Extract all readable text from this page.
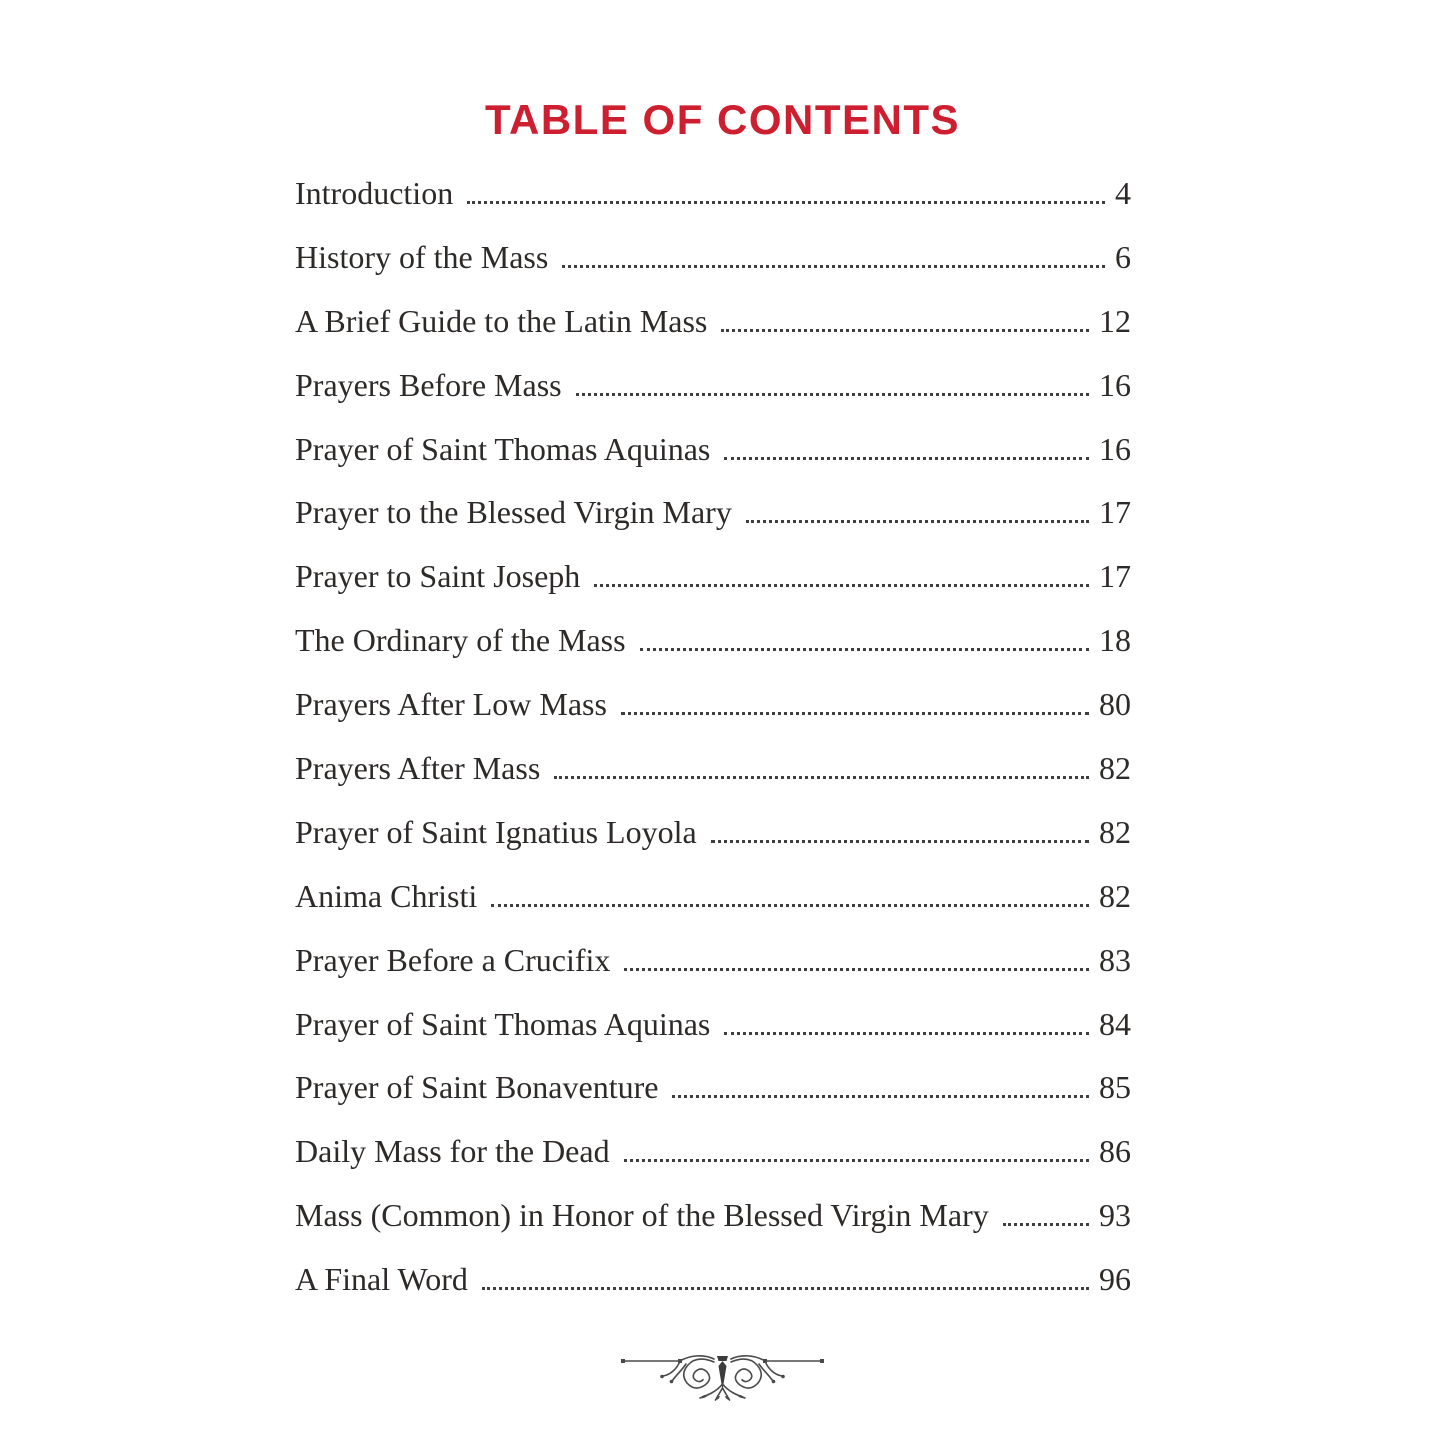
TABLE OF CONTENTS
Introduction	4
History of the Mass	6
A Brief Guide to the Latin Mass	12
Prayers Before Mass	16
Prayer of Saint Thomas Aquinas	16
Prayer to the Blessed Virgin Mary	17
Prayer to Saint Joseph	17
The Ordinary of the Mass	18
Prayers After Low Mass	80
Prayers After Mass	82
Prayer of Saint Ignatius Loyola	82
Anima Christi	82
Prayer Before a Crucifix	83
Prayer of Saint Thomas Aquinas	84
Prayer of Saint Bonaventure	85
Daily Mass for the Dead	86
Mass (Common) in Honor of the Blessed Virgin Mary	93
A Final Word	96
